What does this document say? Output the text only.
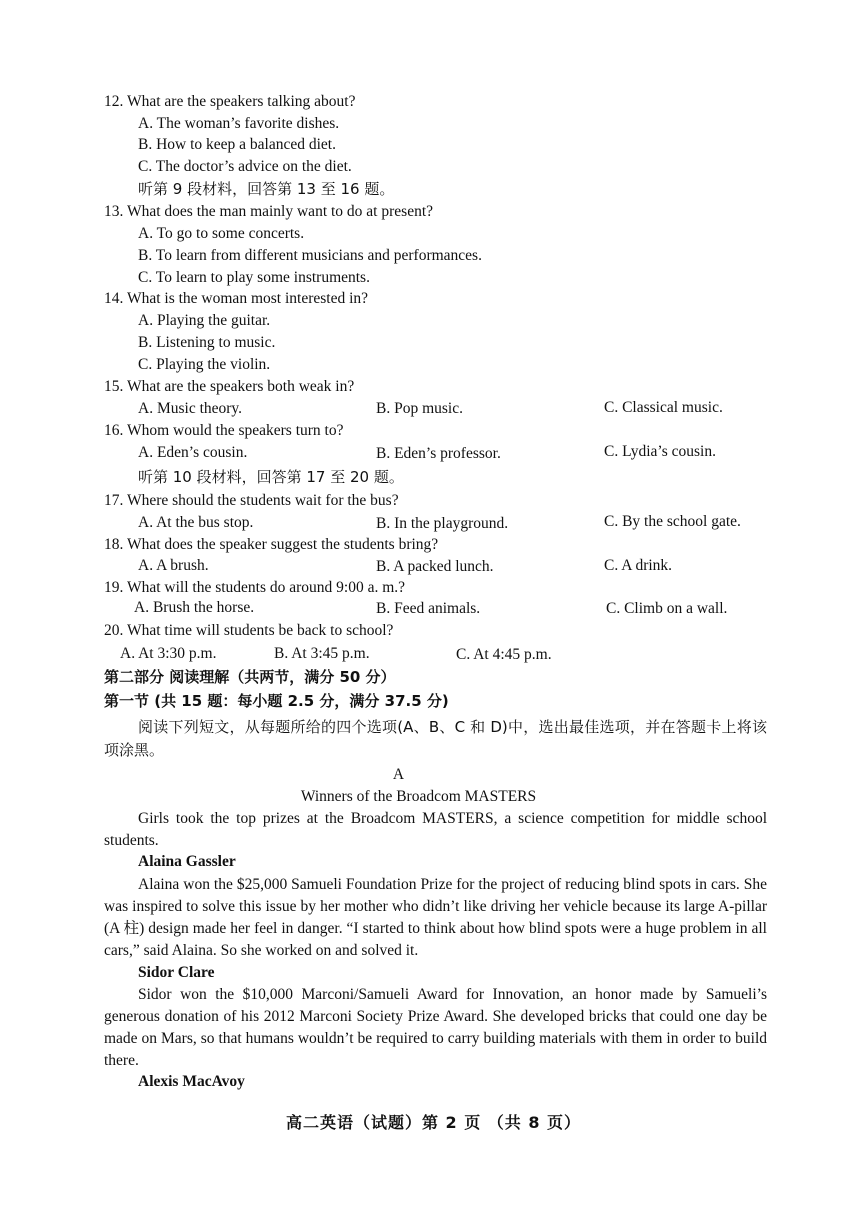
12. What are the speakers talking about?
A. The woman’s favorite dishes.
B. How to keep a balanced diet.
C. The doctor’s advice on the diet.
听第 9 段材料，回答第 13 至 16 题。
13. What does the man mainly want to do at present?
A. To go to some concerts.
B. To learn from different musicians and performances.
C. To learn to play some instruments.
14. What is the woman most interested in?
A. Playing the guitar.
B. Listening to music.
C. Playing the violin.
15. What are the speakers both weak in?
A. Music theory.	B. Pop music.	C. Classical music.
16. Whom would the speakers turn to?
A. Eden’s cousin.	B. Eden’s professor.	C. Lydia’s cousin.
听第 10 段材料，回答第 17 至 20 题。
17. Where should the students wait for the bus?
A. At the bus stop.	B. In the playground.	C. By the school gate.
18. What does the speaker suggest the students bring?
A. A brush.	B. A packed lunch.	C. A drink.
19. What will the students do around 9:00 a. m.?
A. Brush the horse.	B. Feed animals.	C. Climb on a wall.
20. What time will students be back to school?
A. At 3:30 p.m.	B. At 3:45 p.m.	C. At 4:45 p.m.
第二部分 阅读理解（共两节，满分 50 分）
第一节 (共 15 题：每小题 2.5 分，满分 37.5 分)
阅读下列短文，从每题所给的四个选项(A、B、C 和 D)中，选出最佳选项，并在答题卡上将该项涂黑。
A
Winners of the Broadcom MASTERS
Girls took the top prizes at the Broadcom MASTERS, a science competition for middle school students.
Alaina Gassler
Alaina won the $25,000 Samueli Foundation Prize for the project of reducing blind spots in cars. She was inspired to solve this issue by her mother who didn’t like driving her vehicle because its large A-pillar (A 柱) design made her feel in danger. “I started to think about how blind spots were a huge problem in all cars,” said Alaina. So she worked on and solved it.
Sidor Clare
Sidor won the $10,000 Marconi/Samueli Award for Innovation, an honor made by Samueli’s generous donation of his 2012 Marconi Society Prize Award. She developed bricks that could one day be made on Mars, so that humans wouldn’t be required to carry building materials with them in order to build there.
Alexis MacAvoy
高二英语（试题）第 2 页 （共 8 页）
